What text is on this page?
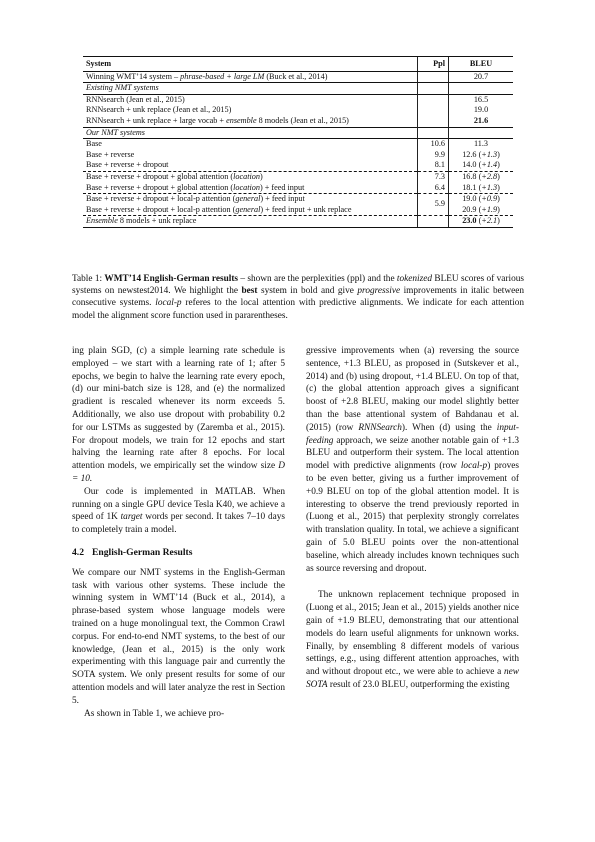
System	Ppl	BLEU
Winning WMT’14 system – phrase-based + large LM (Buck et al., 2014)		20.7
Existing NMT systems		
RNNsearch (Jean et al., 2015)		16.5
RNNsearch + unk replace (Jean et al., 2015)		19.0
RNNsearch + unk replace + large vocab + ensemble 8 models (Jean et al., 2015)		21.6
Our NMT systems		
Base	10.6	11.3
Base + reverse	9.9	12.6 (+1.3)
Base + reverse + dropout	8.1	14.0 (+1.4)
Base + reverse + dropout + global attention (location)	7.3	16.8 (+2.8)
Base + reverse + dropout + global attention (location) + feed input	6.4	18.1 (+1.3)
Base + reverse + dropout + local-p attention (general) + feed input	5.9	19.0 (+0.9)
Base + reverse + dropout + local-p attention (general) + feed input + unk replace		20.9 (+1.9)
Ensemble 8 models + unk replace		23.0 (+2.1)

Table 1: WMT’14 English-German results – shown are the perplexities (ppl) and the tokenized BLEU scores of various systems on newstest2014. We highlight the best system in bold and give progressive improvements in italic between consecutive systems. local-p referes to the local attention with predictive alignments. We indicate for each attention model the alignment score function used in pararentheses.

ing plain SGD, (c) a simple learning rate schedule is employed – we start with a learning rate of 1; after 5 epochs, we begin to halve the learning rate every epoch, (d) our mini-batch size is 128, and (e) the normalized gradient is rescaled whenever its norm exceeds 5. Additionally, we also use dropout with probability 0.2 for our LSTMs as suggested by (Zaremba et al., 2015). For dropout models, we train for 12 epochs and start halving the learning rate after 8 epochs. For local attention models, we empirically set the window size D = 10.

Our code is implemented in MATLAB. When running on a single GPU device Tesla K40, we achieve a speed of 1K target words per second. It takes 7–10 days to completely train a model.

4.2 English-German Results

We compare our NMT systems in the English-German task with various other systems. These include the winning system in WMT’14 (Buck et al., 2014), a phrase-based system whose language models were trained on a huge monolingual text, the Common Crawl corpus. For end-to-end NMT systems, to the best of our knowledge, (Jean et al., 2015) is the only work experimenting with this language pair and currently the SOTA system. We only present results for some of our attention models and will later analyze the rest in Section 5.

As shown in Table 1, we achieve pro-

gressive improvements when (a) reversing the source sentence, +1.3 BLEU, as proposed in (Sutskever et al., 2014) and (b) using dropout, +1.4 BLEU. On top of that, (c) the global attention approach gives a significant boost of +2.8 BLEU, making our model slightly better than the base attentional system of Bahdanau et al. (2015) (row RNNSearch). When (d) using the input-feeding approach, we seize another notable gain of +1.3 BLEU and outperform their system. The local attention model with predictive alignments (row local-p) proves to be even better, giving us a further improvement of +0.9 BLEU on top of the global attention model. It is interesting to observe the trend previously reported in (Luong et al., 2015) that perplexity strongly correlates with translation quality. In total, we achieve a significant gain of 5.0 BLEU points over the non-attentional baseline, which already includes known techniques such as source reversing and dropout.

The unknown replacement technique proposed in (Luong et al., 2015; Jean et al., 2015) yields another nice gain of +1.9 BLEU, demonstrating that our attentional models do learn useful alignments for unknown works. Finally, by ensembling 8 different models of various settings, e.g., using different attention approaches, with and without dropout etc., we were able to achieve a new SOTA result of 23.0 BLEU, outperforming the existing
